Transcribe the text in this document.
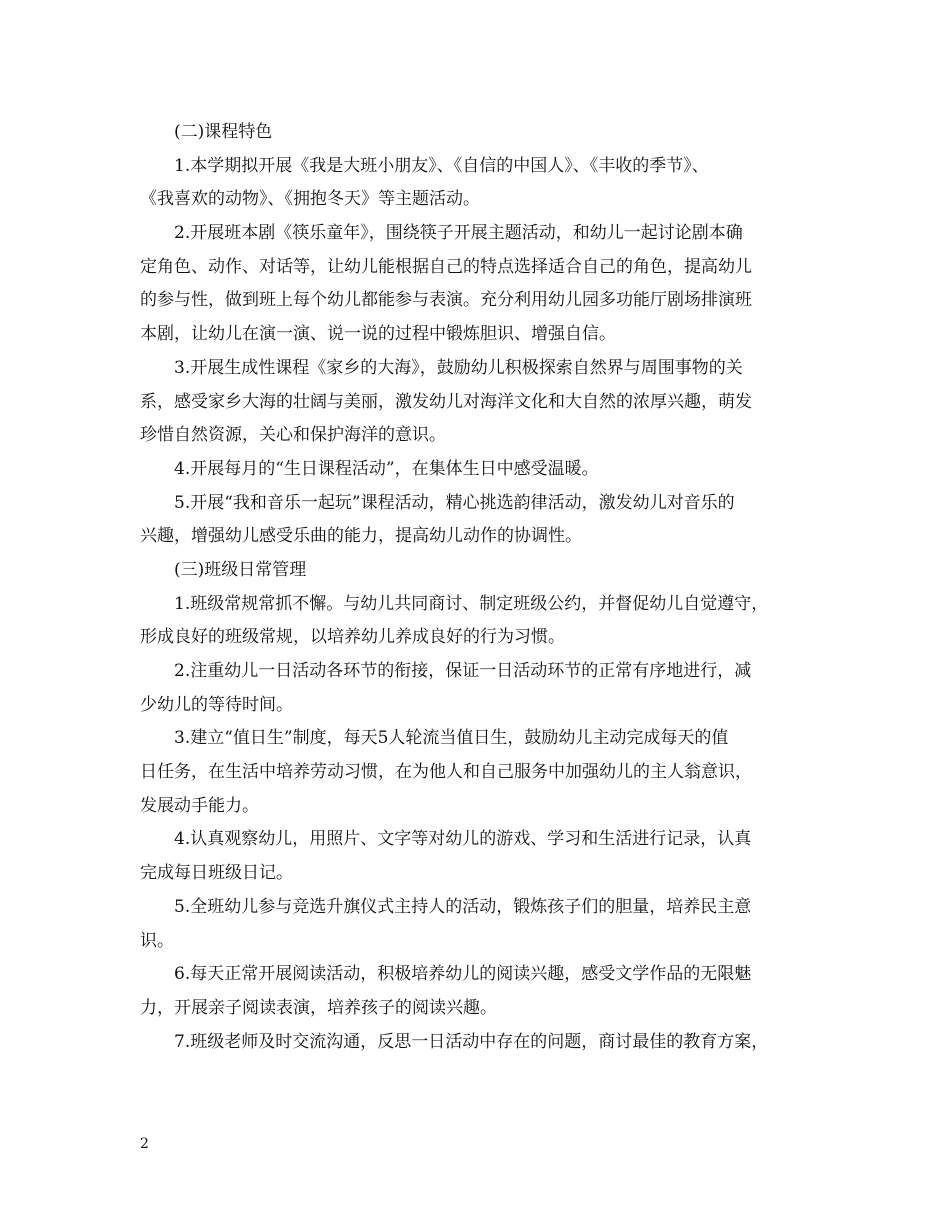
(二)课程特色
1.本学期拟开展《我是大班小朋友》、《自信的中国人》、《丰收的季节》、
《我喜欢的动物》、《拥抱冬天》等主题活动。
2.开展班本剧《筷乐童年》，围绕筷子开展主题活动，和幼儿一起讨论剧本确
定角色、动作、对话等，让幼儿能根据自己的特点选择适合自己的角色，提高幼儿
的参与性，做到班上每个幼儿都能参与表演。充分利用幼儿园多功能厅剧场排演班
本剧，让幼儿在演一演、说一说的过程中锻炼胆识、增强自信。
3.开展生成性课程《家乡的大海》，鼓励幼儿积极探索自然界与周围事物的关
系，感受家乡大海的壮阔与美丽，激发幼儿对海洋文化和大自然的浓厚兴趣，萌发
珍惜自然资源，关心和保护海洋的意识。
4.开展每月的“生日课程活动”，在集体生日中感受温暖。
5.开展“我和音乐一起玩”课程活动，精心挑选韵律活动，激发幼儿对音乐的
兴趣，增强幼儿感受乐曲的能力，提高幼儿动作的协调性。
(三)班级日常管理
1.班级常规常抓不懈。与幼儿共同商讨、制定班级公约，并督促幼儿自觉遵守，
形成良好的班级常规，以培养幼儿养成良好的行为习惯。
2.注重幼儿一日活动各环节的衔接，保证一日活动环节的正常有序地进行，减
少幼儿的等待时间。
3.建立“值日生”制度，每天5人轮流当值日生，鼓励幼儿主动完成每天的值
日任务，在生活中培养劳动习惯，在为他人和自己服务中加强幼儿的主人翁意识，
发展动手能力。
4.认真观察幼儿，用照片、文字等对幼儿的游戏、学习和生活进行记录，认真
完成每日班级日记。
5.全班幼儿参与竞选升旗仪式主持人的活动，锻炼孩子们的胆量，培养民主意
识。
6.每天正常开展阅读活动，积极培养幼儿的阅读兴趣，感受文学作品的无限魅
力，开展亲子阅读表演，培养孩子的阅读兴趣。
7.班级老师及时交流沟通，反思一日活动中存在的问题，商讨最佳的教育方案，
2
